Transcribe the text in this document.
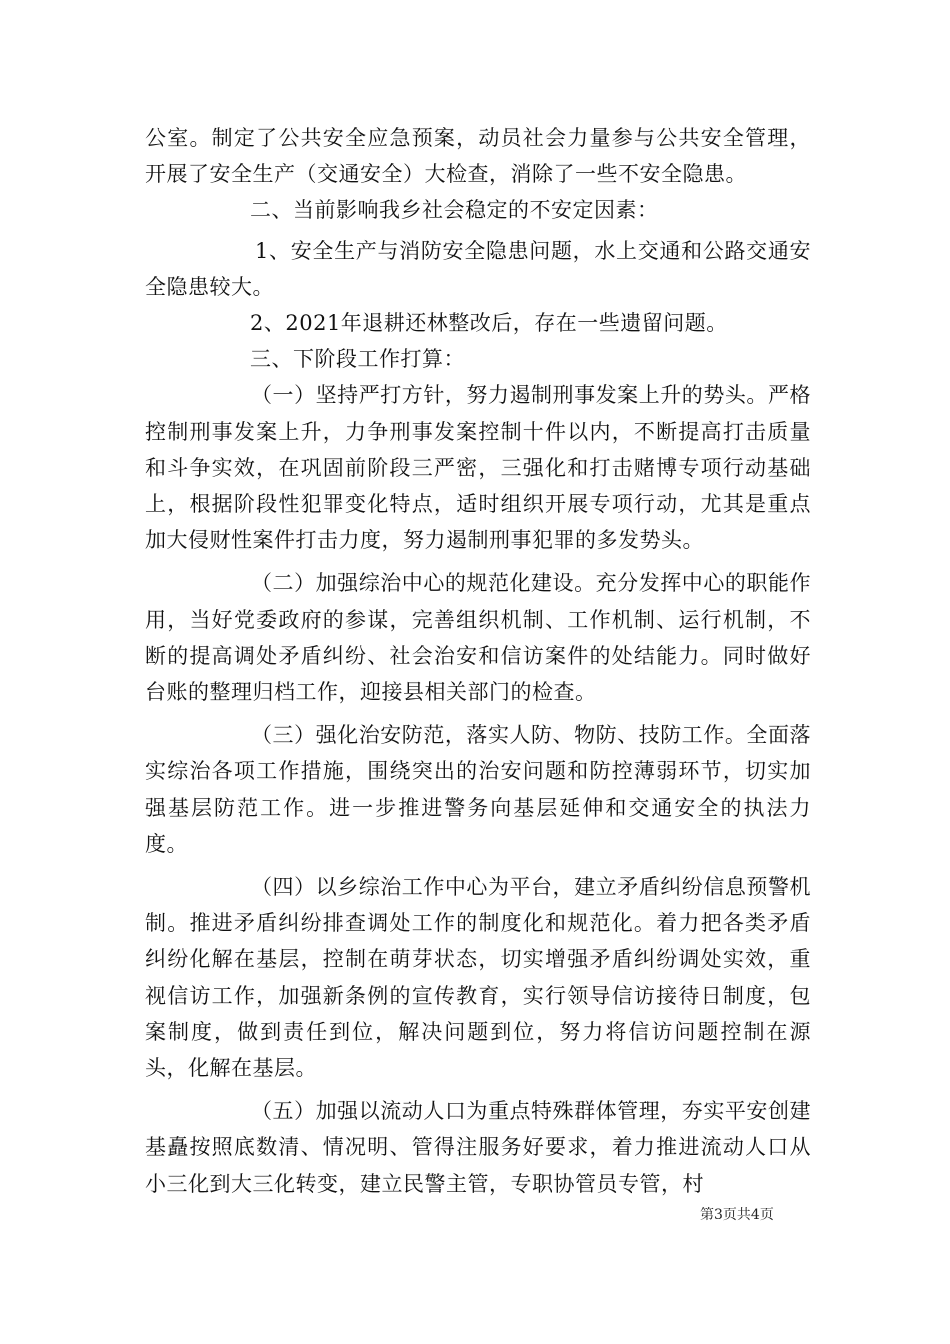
公室。制定了公共安全应急预案，动员社会力量参与公共安全管理，开展了安全生产（交通安全）大检查，消除了一些不安全隐患。

二、当前影响我乡社会稳定的不安定因素：

1、安全生产与消防安全隐患问题，水上交通和公路交通安全隐患较大。

2、2021年退耕还林整改后，存在一些遗留问题。

三、下阶段工作打算：

（一）坚持严打方针，努力遏制刑事发案上升的势头。严格控制刑事发案上升，力争刑事发案控制十件以内，不断提高打击质量和斗争实效，在巩固前阶段三严密，三强化和打击赌博专项行动基础上，根据阶段性犯罪变化特点，适时组织开展专项行动，尤其是重点加大侵财性案件打击力度，努力遏制刑事犯罪的多发势头。

（二）加强综治中心的规范化建设。充分发挥中心的职能作用，当好党委政府的参谋，完善组织机制、工作机制、运行机制，不断的提高调处矛盾纠纷、社会治安和信访案件的处结能力。同时做好台账的整理归档工作，迎接县相关部门的检查。

（三）强化治安防范，落实人防、物防、技防工作。全面落实综治各项工作措施，围绕突出的治安问题和防控薄弱环节，切实加强基层防范工作。进一步推进警务向基层延伸和交通安全的执法力度。

（四）以乡综治工作中心为平台，建立矛盾纠纷信息预警机制。推进矛盾纠纷排查调处工作的制度化和规范化。着力把各类矛盾纠纷化解在基层，控制在萌芽状态，切实增强矛盾纠纷调处实效，重视信访工作，加强新条例的宣传教育，实行领导信访接待日制度，包案制度，做到责任到位，解决问题到位，努力将信访问题控制在源头，化解在基层。

（五）加强以流动人口为重点特殊群体管理，夯实平安创建基矗按照底数清、情况明、管得注服务好要求，着力推进流动人口从小三化到大三化转变，建立民警主管，专职协管员专管，村

第3页共4页
